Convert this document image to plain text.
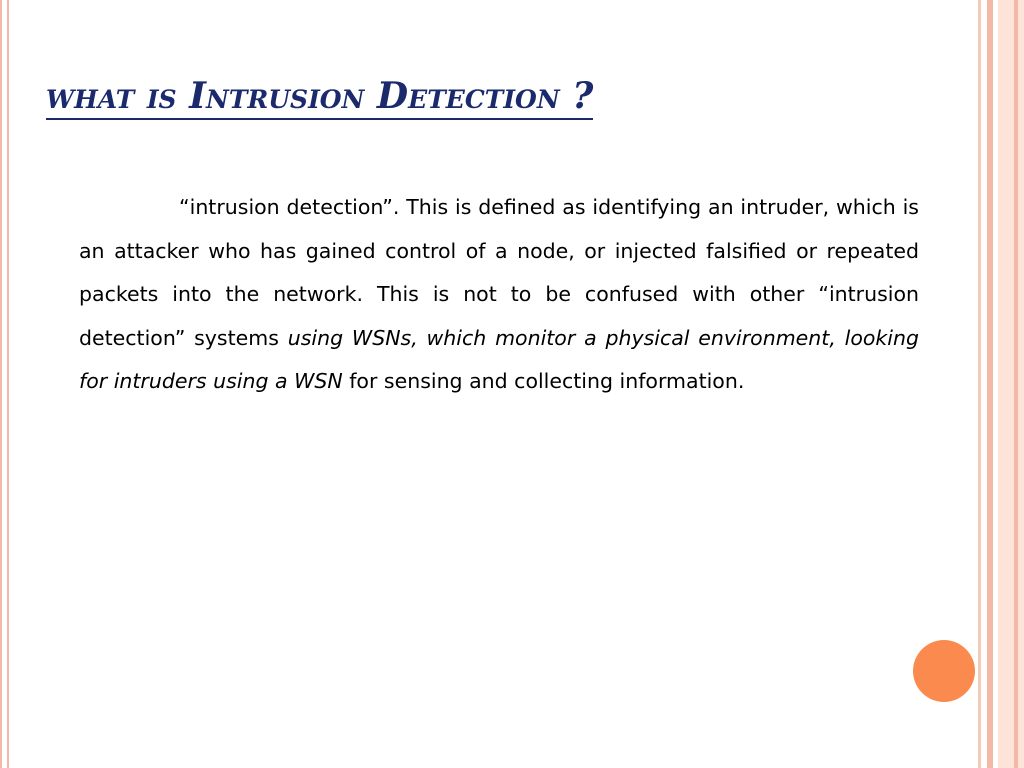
what is Intrusion Detection ?

“intrusion detection”. This is defined as identifying an intruder, which is an attacker who has gained control of a node, or injected falsified or repeated packets into the network. This is not to be confused with other “intrusion detection” systems using WSNs, which monitor a physical environment, looking for intruders using a WSN for sensing and collecting information.
